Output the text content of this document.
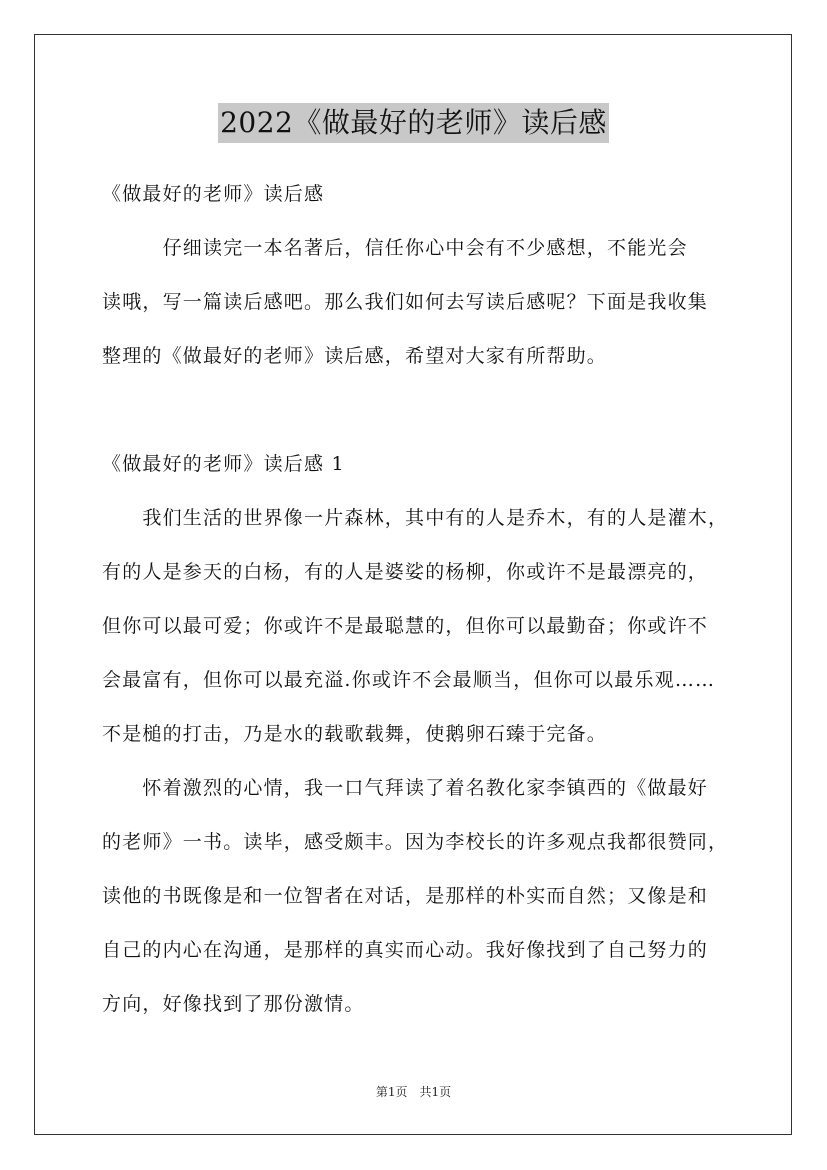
2022《做最好的老师》读后感
《做最好的老师》读后感
　　　仔细读完一本名著后，信任你心中会有不少感想，不能光会
读哦，写一篇读后感吧。那么我们如何去写读后感呢？下面是我收集
整理的《做最好的老师》读后感，希望对大家有所帮助。
《做最好的老师》读后感 1
　　我们生活的世界像一片森林，其中有的人是乔木，有的人是灌木，
有的人是参天的白杨，有的人是婆娑的杨柳，你或许不是最漂亮的，
但你可以最可爱；你或许不是最聪慧的，但你可以最勤奋；你或许不
会最富有，但你可以最充溢.你或许不会最顺当，但你可以最乐观……
不是槌的打击，乃是水的载歌载舞，使鹅卵石臻于完备。
　　怀着激烈的心情，我一口气拜读了着名教化家李镇西的《做最好
的老师》一书。读毕，感受颇丰。因为李校长的许多观点我都很赞同，
读他的书既像是和一位智者在对话，是那样的朴实而自然；又像是和
自己的内心在沟通，是那样的真实而心动。我好像找到了自己努力的
方向，好像找到了那份激情。
第1页　共1页
